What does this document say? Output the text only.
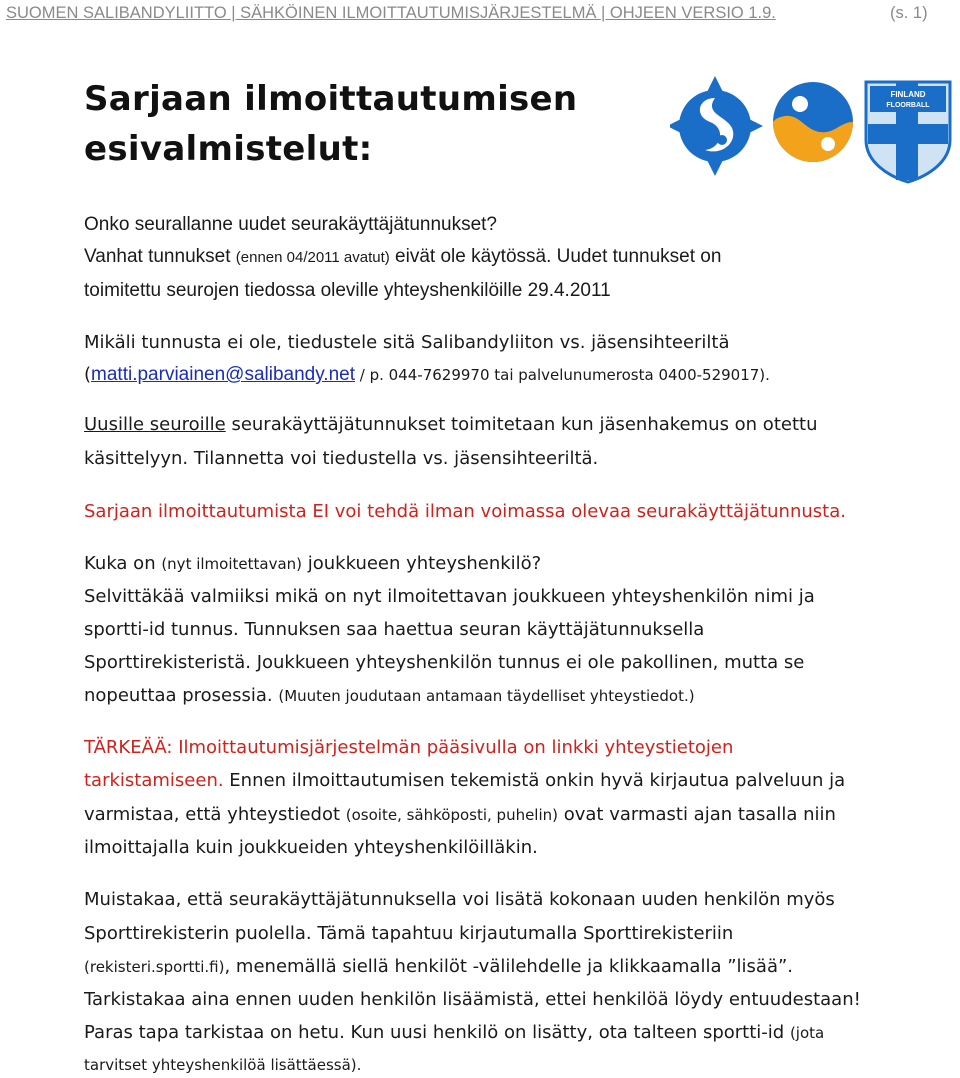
SUOMEN SALIBANDYLIITTO | SÄHKÖINEN ILMOITTAUTUMISJÄRJESTELMÄ | OHJEEN VERSIO 1.9.	(s. 1)
Sarjaan ilmoittautumisen
esivalmistelut:
FINLAND
FLOORBALL
Onko seurallanne uudet seurakäyttäjätunnukset?
Vanhat tunnukset (ennen 04/2011 avatut) eivät ole käytössä. Uudet tunnukset on
toimitettu seurojen tiedossa oleville yhteyshenkilöille 29.4.2011
Mikäli tunnusta ei ole, tiedustele sitä Salibandyliiton vs. jäsensihteeriltä
(matti.parviainen@salibandy.net / p. 044-7629970 tai palvelunumerosta 0400-529017).
Uusille seuroille seurakäyttäjätunnukset toimitetaan kun jäsenhakemus on otettu
käsittelyyn. Tilannetta voi tiedustella vs. jäsensihteeriltä.
Sarjaan ilmoittautumista EI voi tehdä ilman voimassa olevaa seurakäyttäjätunnusta.
Kuka on (nyt ilmoitettavan) joukkueen yhteyshenkilö?
Selvittäkää valmiiksi mikä on nyt ilmoitettavan joukkueen yhteyshenkilön nimi ja
sportti-id tunnus. Tunnuksen saa haettua seuran käyttäjätunnuksella
Sporttirekisteristä. Joukkueen yhteyshenkilön tunnus ei ole pakollinen, mutta se
nopeuttaa prosessia. (Muuten joudutaan antamaan täydelliset yhteystiedot.)
TÄRKEÄÄ: Ilmoittautumisjärjestelmän pääsivulla on linkki yhteystietojen
tarkistamiseen. Ennen ilmoittautumisen tekemistä onkin hyvä kirjautua palveluun ja
varmistaa, että yhteystiedot (osoite, sähköposti, puhelin) ovat varmasti ajan tasalla niin
ilmoittajalla kuin joukkueiden yhteyshenkilöilläkin.
Muistakaa, että seurakäyttäjätunnuksella voi lisätä kokonaan uuden henkilön myös
Sporttirekisterin puolella. Tämä tapahtuu kirjautumalla Sporttirekisteriin
(rekisteri.sportti.fi), menemällä siellä henkilöt -välilehdelle ja klikkaamalla ”lisää”.
Tarkistakaa aina ennen uuden henkilön lisäämistä, ettei henkilöä löydy entuudestaan!
Paras tapa tarkistaa on hetu. Kun uusi henkilö on lisätty, ota talteen sportti-id (jota
tarvitset yhteyshenkilöä lisättäessä).
